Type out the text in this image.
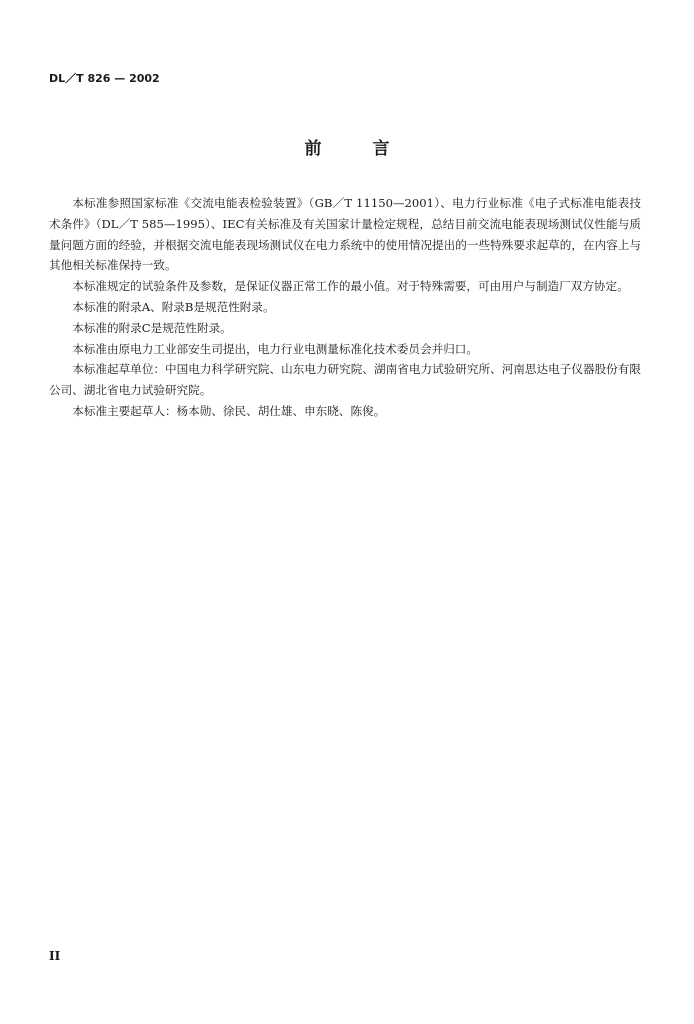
DL／T 826 — 2002
前　　　言

本标准参照国家标准《交流电能表检验装置》（GB／T 11150—2001）、电力行业标准《电子式标准电能表技术条件》（DL／T 585—1995）、IEC有关标准及有关国家计量检定规程，总结目前交流电能表现场测试仪性能与质量问题方面的经验，并根据交流电能表现场测试仪在电力系统中的使用情况提出的一些特殊要求起草的，在内容上与其他相关标准保持一致。

本标准规定的试验条件及参数，是保证仪器正常工作的最小值。对于特殊需要，可由用户与制造厂双方协定。

本标准的附录A、附录B是规范性附录。

本标准的附录C是规范性附录。

本标准由原电力工业部安生司提出，电力行业电测量标准化技术委员会并归口。

本标准起草单位：中国电力科学研究院、山东电力研究院、湖南省电力试验研究所、河南思达电子仪器股份有限公司、湖北省电力试验研究院。

本标准主要起草人：杨本勋、徐民、胡仕雄、申东晓、陈俊。

II
